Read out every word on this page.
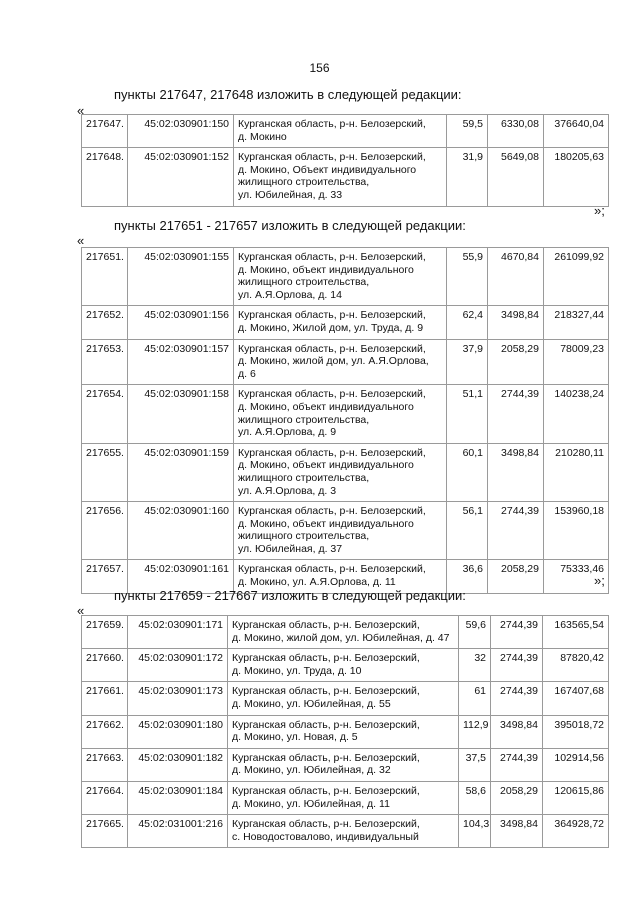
156
пункты 217647, 217648 изложить в следующей редакции:
«
217647.	45:02:030901:150	Курганская область, р-н. Белозерский,
д. Мокино	59,5	6330,08	376640,04
217648.	45:02:030901:152	Курганская область, р-н. Белозерский,
д. Мокино, Объект индивидуального
жилищного строительства,
ул. Юбилейная, д. 33	31,9	5649,08	180205,63
»;
пункты 217651 - 217657 изложить в следующей редакции:
«
217651.	45:02:030901:155	Курганская область, р-н. Белозерский,
д. Мокино, объект индивидуального
жилищного строительства,
ул. А.Я.Орлова, д. 14	55,9	4670,84	261099,92
217652.	45:02:030901:156	Курганская область, р-н. Белозерский,
д. Мокино, Жилой дом, ул. Труда, д. 9	62,4	3498,84	218327,44
217653.	45:02:030901:157	Курганская область, р-н. Белозерский,
д. Мокино, жилой дом, ул. А.Я.Орлова,
д. 6	37,9	2058,29	78009,23
217654.	45:02:030901:158	Курганская область, р-н. Белозерский,
д. Мокино, объект индивидуального
жилищного строительства,
ул. А.Я.Орлова, д. 9	51,1	2744,39	140238,24
217655.	45:02:030901:159	Курганская область, р-н. Белозерский,
д. Мокино, объект индивидуального
жилищного строительства,
ул. А.Я.Орлова, д. 3	60,1	3498,84	210280,11
217656.	45:02:030901:160	Курганская область, р-н. Белозерский,
д. Мокино, объект индивидуального
жилищного строительства,
ул. Юбилейная, д. 37	56,1	2744,39	153960,18
217657.	45:02:030901:161	Курганская область, р-н. Белозерский,
д. Мокино, ул. А.Я.Орлова, д. 11	36,6	2058,29	75333,46
»;
пункты 217659 - 217667 изложить в следующей редакции:
«
217659.	45:02:030901:171	Курганская область, р-н. Белозерский,
д. Мокино, жилой дом, ул. Юбилейная, д. 47	59,6	2744,39	163565,54
217660.	45:02:030901:172	Курганская область, р-н. Белозерский,
д. Мокино, ул. Труда, д. 10	32	2744,39	87820,42
217661.	45:02:030901:173	Курганская область, р-н. Белозерский,
д. Мокино, ул. Юбилейная, д. 55	61	2744,39	167407,68
217662.	45:02:030901:180	Курганская область, р-н. Белозерский,
д. Мокино, ул. Новая, д. 5	112,9	3498,84	395018,72
217663.	45:02:030901:182	Курганская область, р-н. Белозерский,
д. Мокино, ул. Юбилейная, д. 32	37,5	2744,39	102914,56
217664.	45:02:030901:184	Курганская область, р-н. Белозерский,
д. Мокино, ул. Юбилейная, д. 11	58,6	2058,29	120615,86
217665.	45:02:031001:216	Курганская область, р-н. Белозерский,
с. Новодостовалово, индивидуальный	104,3	3498,84	364928,72
